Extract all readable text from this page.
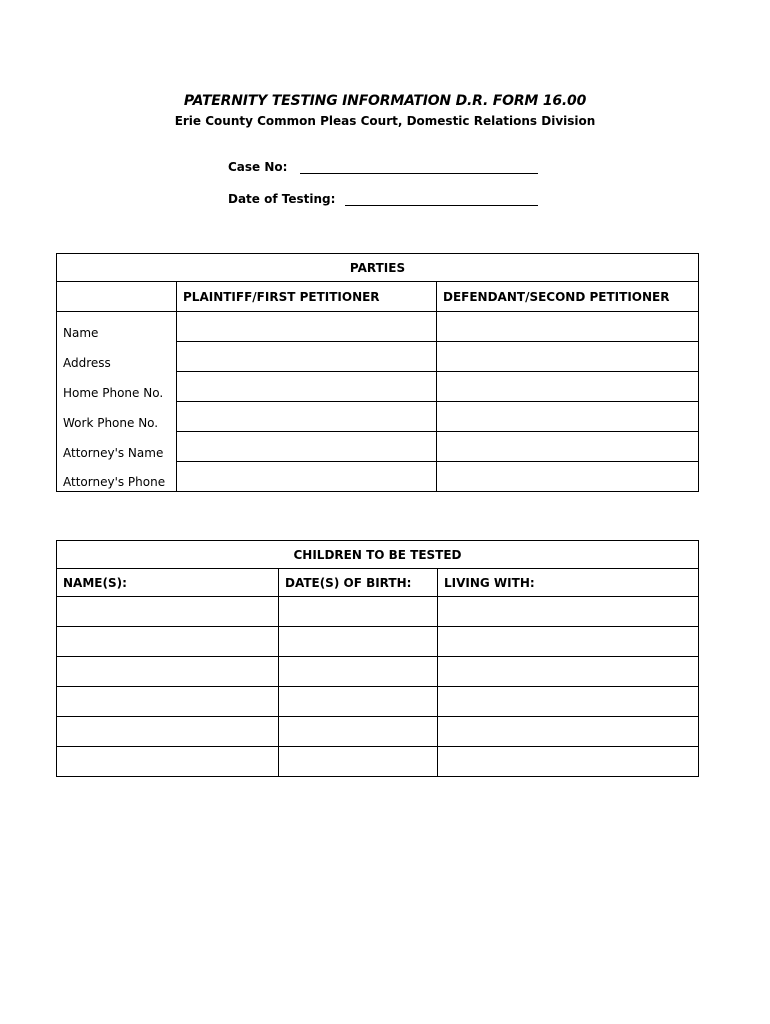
PATERNITY TESTING INFORMATION D.R. FORM 16.00
Erie County Common Pleas Court, Domestic Relations Division
Case No:
Date of Testing:
PARTIES		
	PLAINTIFF/FIRST PETITIONER	DEFENDANT/SECOND PETITIONER
Name		
Address		
Home Phone No.		
Work Phone No.		
Attorney's Name		
Attorney's Phone		
CHILDREN TO BE TESTED		
NAME(S):	DATE(S) OF BIRTH:	LIVING WITH:
